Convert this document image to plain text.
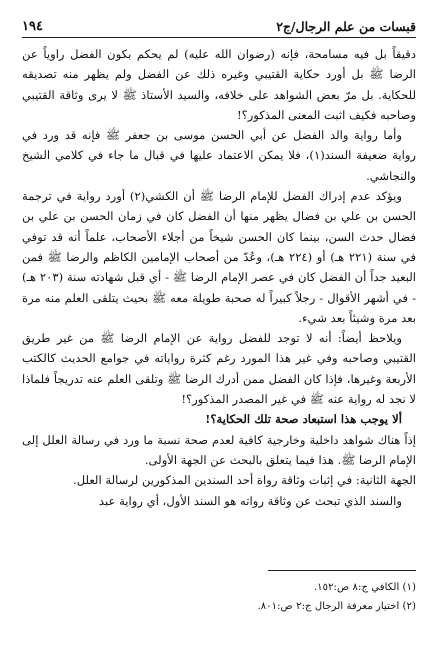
قبسات من علم الرجال/ج٢
١٩٤

دقيقاً بل فيه مسامحة، فإنه (رضوان الله عليه) لم يحكم بكون الفضل راوياً عن الرضا ﷺ بل أورد حكاية القتيبي وغيره ذلك عن الفضل ولم يظهر منه تصديقه للحكاية. بل مرّ بعض الشواهد على خلافه، والسيد الأستاذ ﷺ لا يرى وثاقة القتيبي وصاحبه فكيف اثبت المعنى المذكور؟!

وأما رواية والد الفضل عن أبي الحسن موسى بن جعفر ﷺ فإنه قد ورد في رواية ضعيفة السند(١)، فلا يمكن الاعتماد عليها في قبال ما جاء في كلامي الشيخ والنجاشي.

ويؤكد عدم إدراك الفضل للإمام الرضا ﷺ أن الكشي(٢) أورد رواية في ترجمة الحسن بن علي بن فضال يظهر منها أن الفضل كان في زمان الحسن بن علي بن فضال حدث السن، بينما كان الحسن شيخاً من أجلاء الأصحاب، علماً أنه قد توفي في سنة (٢٢١ هـ) أو (٢٢٤ هـ)، وعُدّ من أصحاب الإمامين الكاظم والرضا ﷺ فمن البعيد جداً أن الفضل كان في عصر الإمام الرضا ﷺ - أي قبل شهادته سنة (٢٠٣ هـ) - في أشهر الأقوال - رجلاً كبيراً له صحبة طويلة معه ﷺ بحيث يتلقى العلم منه مرة بعد مرة وشيئاً بعد شيء.

ويلاحظ أيضاً: أنه لا توجد للفضل رواية عن الإمام الرضا ﷺ من غير طريق القتيبي وصاحبه وفي غير هذا المورد رغم كثرة رواياته في جوامع الحديث كالكتب الأربعة وغيرها، فإذا كان الفضل ممن أدرك الرضا ﷺ وتلقى العلم عنه تدريجاً فلماذا لا نجد له رواية عنه ﷺ في غير المصدر المذكور؟!

ألا يوجب هذا استبعاد صحة تلك الحكاية؟!

إذاً هناك شواهد داخلية وخارجية كافية لعدم صحة نسبة ما ورد في رسالة العلل إلى الإمام الرضا ﷺ. هذا فيما يتعلق بالبحث عن الجهة الأولى.

الجهة الثانية: في إثبات وثاقة رواة أحد السندين المذكورين لرسالة العلل.

والسند الذي تبحث عن وثاقة رواته هو السند الأول، أي رواية عبد

(١) الكافي ج:٨ ص:١٥٢.
(٢) اختيار معرفة الرجال ج:٢ ص:٨٠١.
